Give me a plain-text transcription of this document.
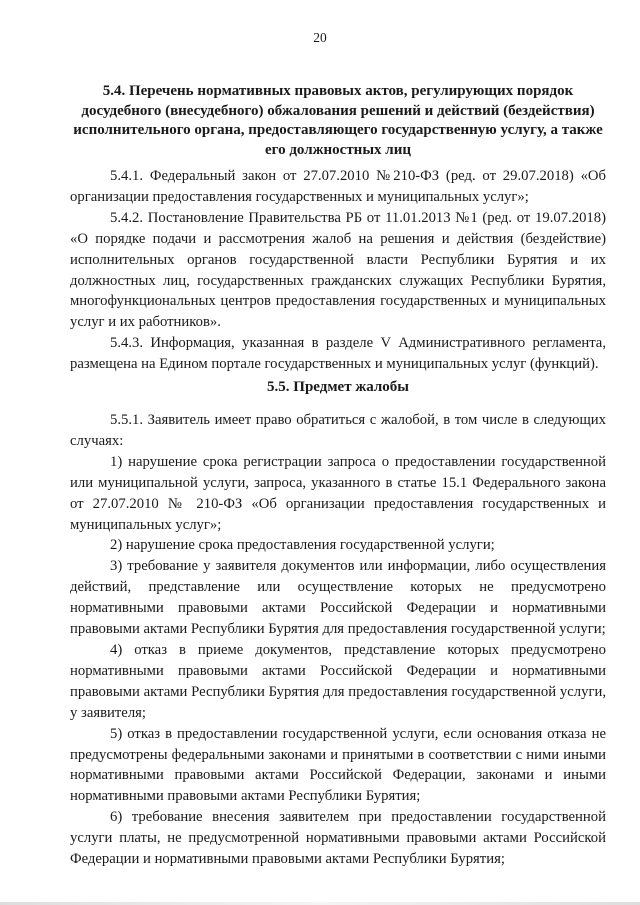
20
5.4. Перечень нормативных правовых актов, регулирующих порядок досудебного (внесудебного) обжалования решений и действий (бездействия) исполнительного органа, предоставляющего государственную услугу, а также его должностных лиц

5.4.1. Федеральный закон от 27.07.2010 №210-ФЗ (ред. от 29.07.2018) «Об организации предоставления государственных и муниципальных услуг»;

5.4.2. Постановление Правительства РБ от 11.01.2013 №1 (ред. от 19.07.2018) «О порядке подачи и рассмотрения жалоб на решения и действия (бездействие) исполнительных органов государственной власти Республики Бурятия и их должностных лиц, государственных гражданских служащих Республики Бурятия, многофункциональных центров предоставления государственных и муниципальных услуг и их работников».

5.4.3. Информация, указанная в разделе V Административного регламента, размещена на Едином портале государственных и муниципальных услуг (функций).

5.5. Предмет жалобы

5.5.1. Заявитель имеет право обратиться с жалобой, в том числе в следующих случаях:

1) нарушение срока регистрации запроса о предоставлении государственной или муниципальной услуги, запроса, указанного в статье 15.1 Федерального закона от 27.07.2010 № 210-ФЗ «Об организации предоставления государственных и муниципальных услуг»;

2) нарушение срока предоставления государственной услуги;

3) требование у заявителя документов или информации, либо осуществления действий, представление или осуществление которых не предусмотрено нормативными правовыми актами Российской Федерации и нормативными правовыми актами Республики Бурятия для предоставления государственной услуги;

4) отказ в приеме документов, представление которых предусмотрено нормативными правовыми актами Российской Федерации и нормативными правовыми актами Республики Бурятия для предоставления государственной услуги, у заявителя;

5) отказ в предоставлении государственной услуги, если основания отказа не предусмотрены федеральными законами и принятыми в соответствии с ними иными нормативными правовыми актами Российской Федерации, законами и иными нормативными правовыми актами Республики Бурятия;

6) требование внесения заявителем при предоставлении государственной услуги платы, не предусмотренной нормативными правовыми актами Российской Федерации и нормативными правовыми актами Республики Бурятия;
